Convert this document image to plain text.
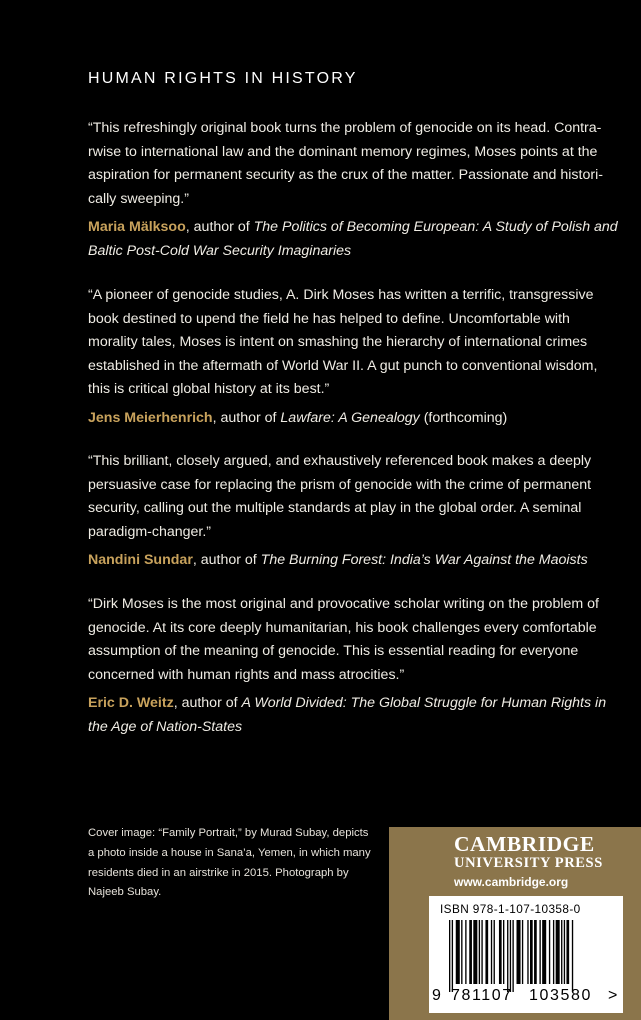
HUMAN RIGHTS IN HISTORY

“This refreshingly original book turns the problem of genocide on its head. Contrarwise to international law and the dominant memory regimes, Moses points at the aspiration for permanent security as the crux of the matter. Passionate and historically sweeping.”

Maria Mälksoo, author of The Politics of Becoming European: A Study of Polish and Baltic Post-Cold War Security Imaginaries

“A pioneer of genocide studies, A. Dirk Moses has written a terrific, transgressive book destined to upend the field he has helped to define. Uncomfortable with morality tales, Moses is intent on smashing the hierarchy of international crimes established in the aftermath of World War II. A gut punch to conventional wisdom, this is critical global history at its best.”

Jens Meierhenrich, author of Lawfare: A Genealogy (forthcoming)

“This brilliant, closely argued, and exhaustively referenced book makes a deeply persuasive case for replacing the prism of genocide with the crime of permanent security, calling out the multiple standards at play in the global order. A seminal paradigm-changer.”

Nandini Sundar, author of The Burning Forest: India’s War Against the Maoists

“Dirk Moses is the most original and provocative scholar writing on the problem of genocide. At its core deeply humanitarian, his book challenges every comfortable assumption of the meaning of genocide. This is essential reading for everyone concerned with human rights and mass atrocities.”

Eric D. Weitz, author of A World Divided: The Global Struggle for Human Rights in the Age of Nation-States
Cover image: “Family Portrait,” by Murad Subay, depicts a photo inside a house in Sana’a, Yemen, in which many residents died in an airstrike in 2015. Photograph by Najeeb Subay.
CAMBRIDGE
UNIVERSITY PRESS
www.cambridge.org
ISBN 978-1-107-10358-0
9 781107 103580 >
